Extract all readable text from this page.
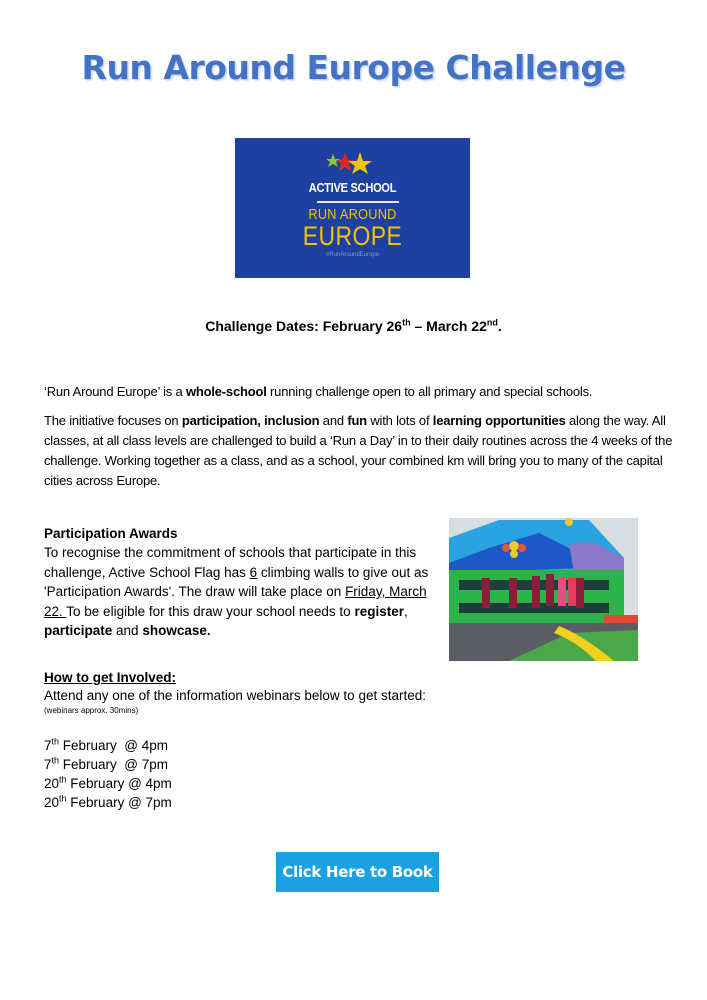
Run Around Europe Challenge
ACTIVE SCHOOL
RUN AROUND
EUROPE
#RunAroundEurope
Challenge Dates: February 26th – March 22nd.
‘Run Around Europe’ is a whole-school running challenge open to all primary and special schools.
The initiative focuses on participation, inclusion and fun with lots of learning opportunities along the way. All classes, at all class levels are challenged to build a ‘Run a Day’ in to their daily routines across the 4 weeks of the challenge. Working together as a class, and as a school, your combined km will bring you to many of the capital cities across Europe.
Participation Awards
To recognise the commitment of schools that participate in this challenge, Active School Flag has 6 climbing walls to give out as 'Participation Awards'. The draw will take place on Friday, March 22. To be eligible for this draw your school needs to register, participate and showcase.
How to get Involved:
Attend any one of the information webinars below to get started:
(webinars approx. 30mins)
7th February  @ 4pm
7th February  @ 7pm
20th February @ 4pm
20th February @ 7pm
Click Here to Book
